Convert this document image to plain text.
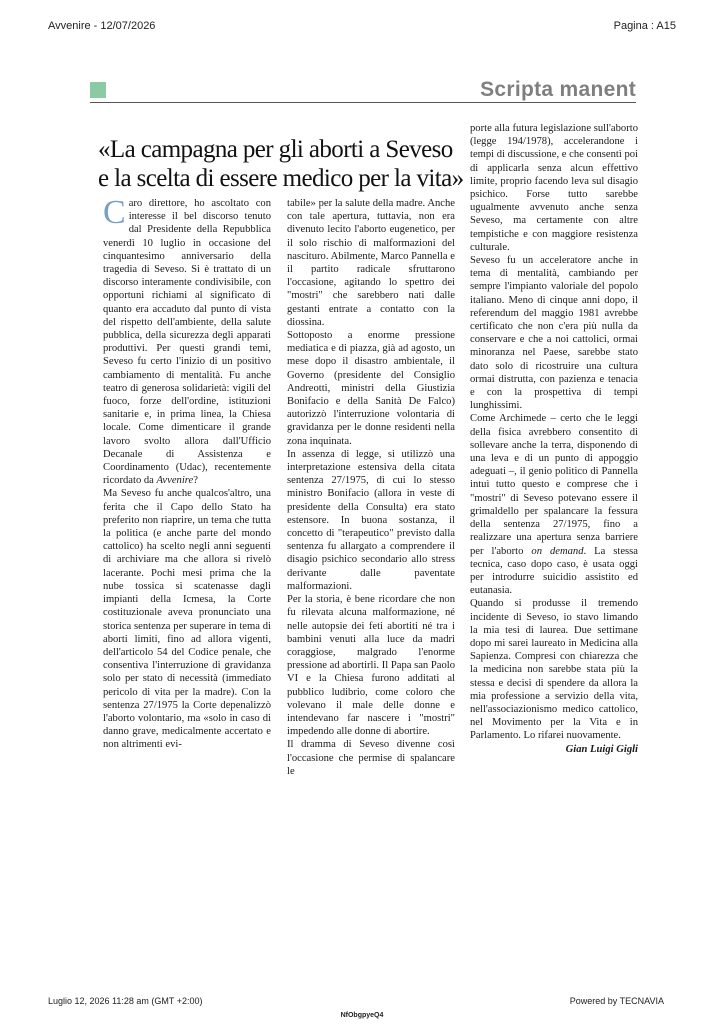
Avvenire - 12/07/2026	Pagina : A15
Scripta manent
«La campagna per gli aborti a Seveso e la scelta di essere medico per la vita»

Caro direttore, ho ascoltato con interesse il bel discorso tenuto dal Presidente della Repubblica venerdì 10 luglio in occasione del cinquantesimo anniversario della tragedia di Seveso. Si è trattato di un discorso interamente condivisibile, con opportuni richiami al significato di quanto era accaduto dal punto di vista del rispetto dell'ambiente, della salute pubblica, della sicurezza degli apparati produttivi. Per questi grandi temi, Seveso fu certo l'inizio di un positivo cambiamento di mentalità. Fu anche teatro di generosa solidarietà: vigili del fuoco, forze dell'ordine, istituzioni sanitarie e, in prima linea, la Chiesa locale. Come dimenticare il grande lavoro svolto allora dall'Ufficio Decanale di Assistenza e Coordinamento (Udac), recentemente ricordato da Avvenire?

Ma Seveso fu anche qualcos'altro, una ferita che il Capo dello Stato ha preferito non riaprire, un tema che tutta la politica (e anche parte del mondo cattolico) ha scelto negli anni seguenti di archiviare ma che allora si rivelò lacerante. Pochi mesi prima che la nube tossica si scatenasse dagli impianti della Icmesa, la Corte costituzionale aveva pronunciato una storica sentenza per superare in tema di aborti limiti, fino ad allora vigenti, dell'articolo 54 del Codice penale, che consentiva l'interruzione di gravidanza solo per stato di necessità (immediato pericolo di vita per la madre). Con la sentenza 27/1975 la Corte depenalizzò l'aborto volontario, ma «solo in caso di danno grave, medicalmente accertato e non altrimenti evi-

tabile» per la salute della madre. Anche con tale apertura, tuttavia, non era divenuto lecito l'aborto eugenetico, per il solo rischio di malformazioni del nascituro. Abilmente, Marco Pannella e il partito radicale sfruttarono l'occasione, agitando lo spettro dei "mostri" che sarebbero nati dalle gestanti entrate a contatto con la diossina.

Sottoposto a enorme pressione mediatica e di piazza, già ad agosto, un mese dopo il disastro ambientale, il Governo (presidente del Consiglio Andreotti, ministri della Giustizia Bonifacio e della Sanità De Falco) autorizzò l'interruzione volontaria di gravidanza per le donne residenti nella zona inquinata.

In assenza di legge, si utilizzò una interpretazione estensiva della citata sentenza 27/1975, di cui lo stesso ministro Bonifacio (allora in veste di presidente della Consulta) era stato estensore. In buona sostanza, il concetto di "terapeutico" previsto dalla sentenza fu allargato a comprendere il disagio psichico secondario allo stress derivante dalle paventate malformazioni.

Per la storia, è bene ricordare che non fu rilevata alcuna malformazione, né nelle autopsie dei feti abortiti né tra i bambini venuti alla luce da madri coraggiose, malgrado l'enorme pressione ad abortirli. Il Papa san Paolo VI e la Chiesa furono additati al pubblico ludibrio, come coloro che volevano il male delle donne e intendevano far nascere i "mostri" impedendo alle donne di abortire.

Il dramma di Seveso divenne così l'occasione che permise di spalancare le

porte alla futura legislazione sull'aborto (legge 194/1978), accelerandone i tempi di discussione, e che consentì poi di applicarla senza alcun effettivo limite, proprio facendo leva sul disagio psichico. Forse tutto sarebbe ugualmente avvenuto anche senza Seveso, ma certamente con altre tempistiche e con maggiore resistenza culturale.

Seveso fu un acceleratore anche in tema di mentalità, cambiando per sempre l'impianto valoriale del popolo italiano. Meno di cinque anni dopo, il referendum del maggio 1981 avrebbe certificato che non c'era più nulla da conservare e che a noi cattolici, ormai minoranza nel Paese, sarebbe stato dato solo di ricostruire una cultura ormai distrutta, con pazienza e tenacia e con la prospettiva di tempi lunghissimi.

Come Archimede – certo che le leggi della fisica avrebbero consentito di sollevare anche la terra, disponendo di una leva e di un punto di appoggio adeguati –, il genio politico di Pannella intuì tutto questo e comprese che i "mostri" di Seveso potevano essere il grimaldello per spalancare la fessura della sentenza 27/1975, fino a realizzare una apertura senza barriere per l'aborto on demand. La stessa tecnica, caso dopo caso, è usata oggi per introdurre suicidio assistito ed eutanasia.

Quando si produsse il tremendo incidente di Seveso, io stavo limando la mia tesi di laurea. Due settimane dopo mi sarei laureato in Medicina alla Sapienza. Compresi con chiarezza che la medicina non sarebbe stata più la stessa e decisi di spendere da allora la mia professione a servizio della vita, nell'associazionismo medico cattolico, nel Movimento per la Vita e in Parlamento. Lo rifarei nuovamente.

Gian Luigi Gigli

Luglio 12, 2026 11:28 am (GMT +2:00)	Powered by TECNAVIA
NfObgpyeQ4
